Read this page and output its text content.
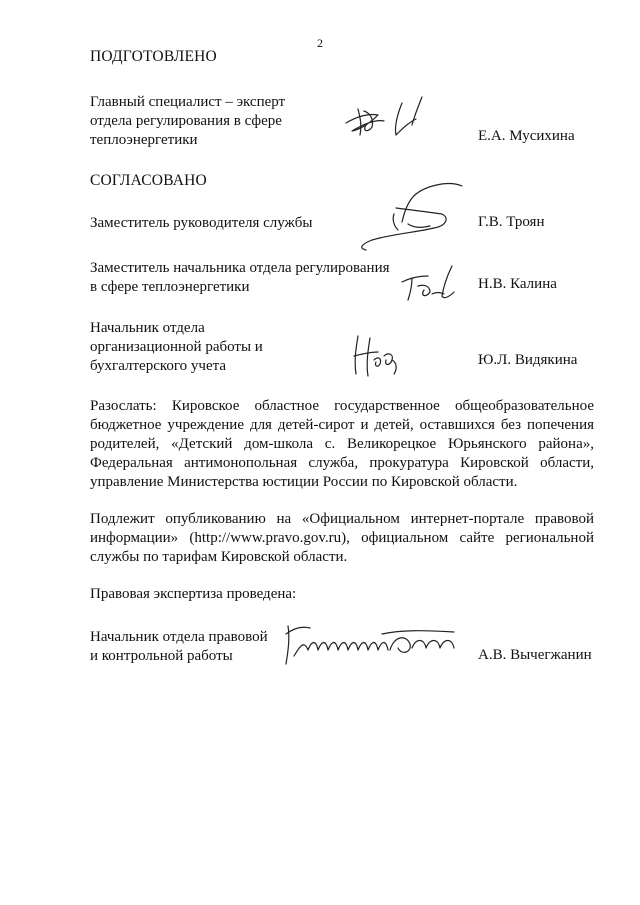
2
ПОДГОТОВЛЕНО
Главный специалист – эксперт
отдела регулирования в сфере
теплоэнергетики	Е.А. Мусихина
СОГЛАСОВАНО
Заместитель руководителя службы	Г.В. Троян
Заместитель начальника отдела регулирования
в сфере теплоэнергетики	Н.В. Калина
Начальник отдела
организационной работы и
бухгалтерского учета	Ю.Л. Видякина
Разослать: Кировское областное государственное общеобразовательное бюджетное учреждение для детей-сирот и детей, оставшихся без попечения родителей, «Детский дом-школа с. Великорецкое Юрьянского района», Федеральная антимонопольная служба, прокуратура Кировской области, управление Министерства юстиции России по Кировской области.
Подлежит опубликованию на «Официальном интернет-портале правовой информации» (http://www.pravo.gov.ru), официальном сайте региональной службы по тарифам Кировской области.
Правовая экспертиза проведена:
Начальник отдела правовой
и контрольной работы	А.В. Вычегжанин
